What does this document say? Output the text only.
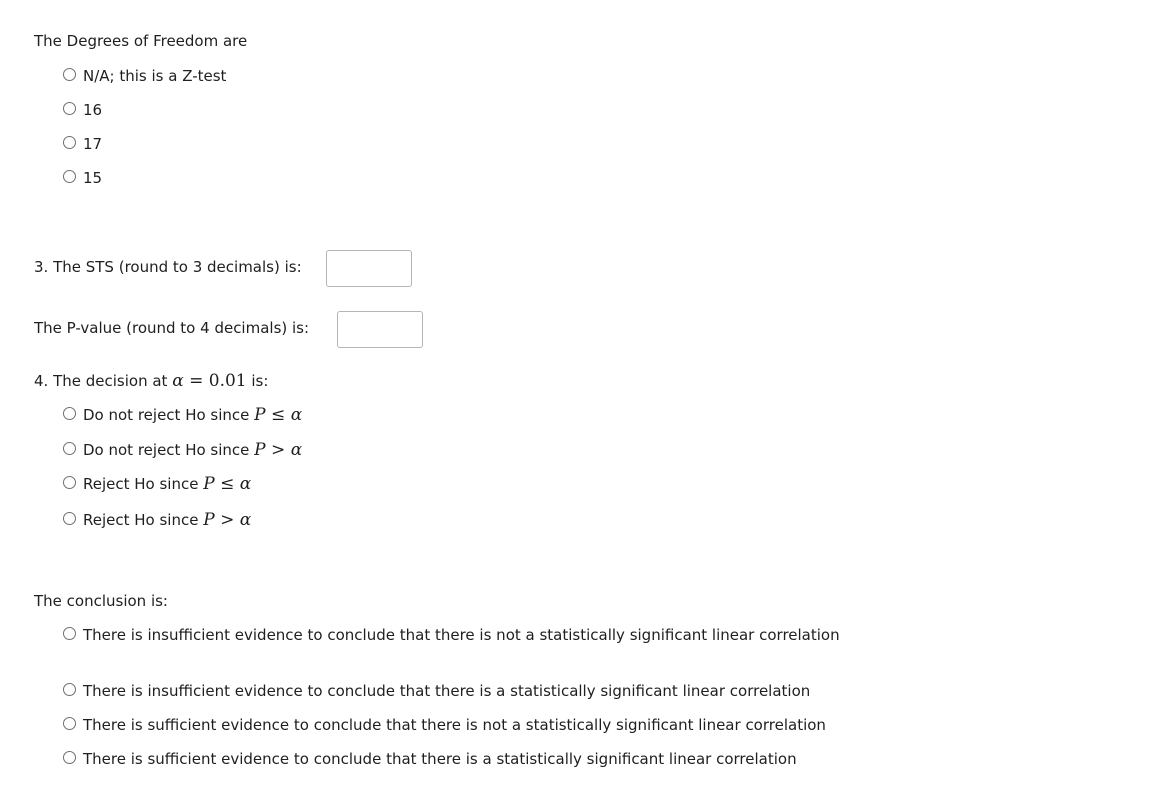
The Degrees of Freedom are
N/A; this is a Z-test
16
17
15
3. The STS (round to 3 decimals) is:
The P-value (round to 4 decimals) is:
4. The decision at α = 0.01 is:
Do not reject Ho since P ≤ α
Do not reject Ho since P > α
Reject Ho since P ≤ α
Reject Ho since P > α
The conclusion is:
There is insufficient evidence to conclude that there is not a statistically significant linear correlation
There is insufficient evidence to conclude that there is a statistically significant linear correlation
There is sufficient evidence to conclude that there is not a statistically significant linear correlation
There is sufficient evidence to conclude that there is a statistically significant linear correlation
